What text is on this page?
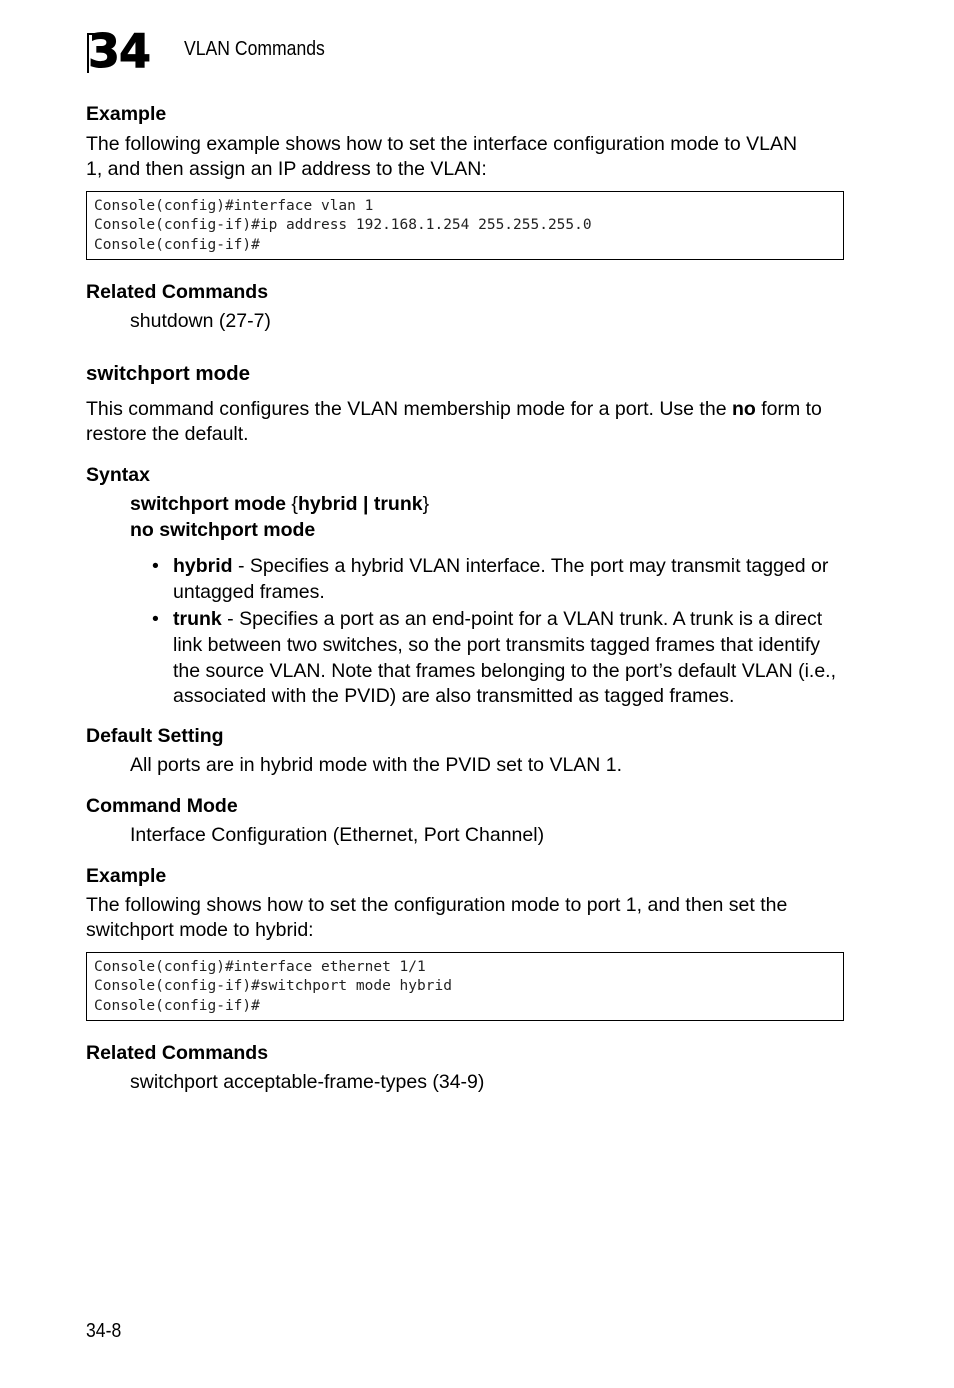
34 VLAN Commands
Example
The following example shows how to set the interface configuration mode to VLAN 1, and then assign an IP address to the VLAN:
Console(config)#interface vlan 1
Console(config-if)#ip address 192.168.1.254 255.255.255.0
Console(config-if)#
Related Commands
shutdown (27-7)
switchport mode
This command configures the VLAN membership mode for a port. Use the no form to restore the default.
Syntax
switchport mode {hybrid | trunk}
no switchport mode
• hybrid - Specifies a hybrid VLAN interface. The port may transmit tagged or untagged frames.
• trunk - Specifies a port as an end-point for a VLAN trunk. A trunk is a direct link between two switches, so the port transmits tagged frames that identify the source VLAN. Note that frames belonging to the port’s default VLAN (i.e., associated with the PVID) are also transmitted as tagged frames.
Default Setting
All ports are in hybrid mode with the PVID set to VLAN 1.
Command Mode
Interface Configuration (Ethernet, Port Channel)
Example
The following shows how to set the configuration mode to port 1, and then set the switchport mode to hybrid:
Console(config)#interface ethernet 1/1
Console(config-if)#switchport mode hybrid
Console(config-if)#
Related Commands
switchport acceptable-frame-types (34-9)
34-8
